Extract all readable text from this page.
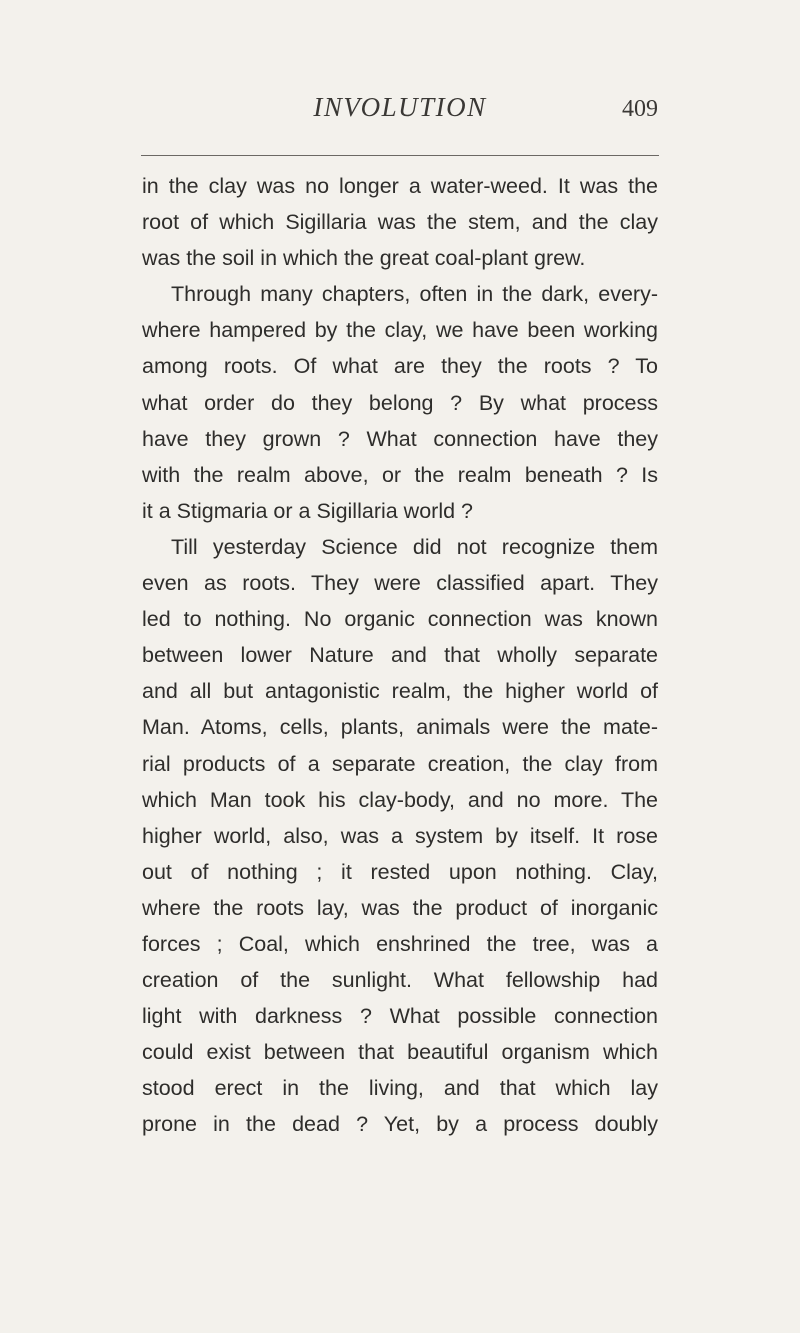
INVOLUTION	409
in the clay was no longer a water-weed. It was the
root of which Sigillaria was the stem, and the clay
was the soil in which the great coal-plant grew.
Through many chapters, often in the dark, every-
where hampered by the clay, we have been working
among roots. Of what are they the roots ? To
what order do they belong ? By what process
have they grown ? What connection have they
with the realm above, or the realm beneath ? Is
it a Stigmaria or a Sigillaria world ?
Till yesterday Science did not recognize them
even as roots. They were classified apart. They
led to nothing. No organic connection was known
between lower Nature and that wholly separate
and all but antagonistic realm, the higher world of
Man. Atoms, cells, plants, animals were the mate-
rial products of a separate creation, the clay from
which Man took his clay-body, and no more. The
higher world, also, was a system by itself. It rose
out of nothing ; it rested upon nothing. Clay,
where the roots lay, was the product of inorganic
forces ; Coal, which enshrined the tree, was a
creation of the sunlight. What fellowship had
light with darkness ? What possible connection
could exist between that beautiful organism which
stood erect in the living, and that which lay
prone in the dead ? Yet, by a process doubly
